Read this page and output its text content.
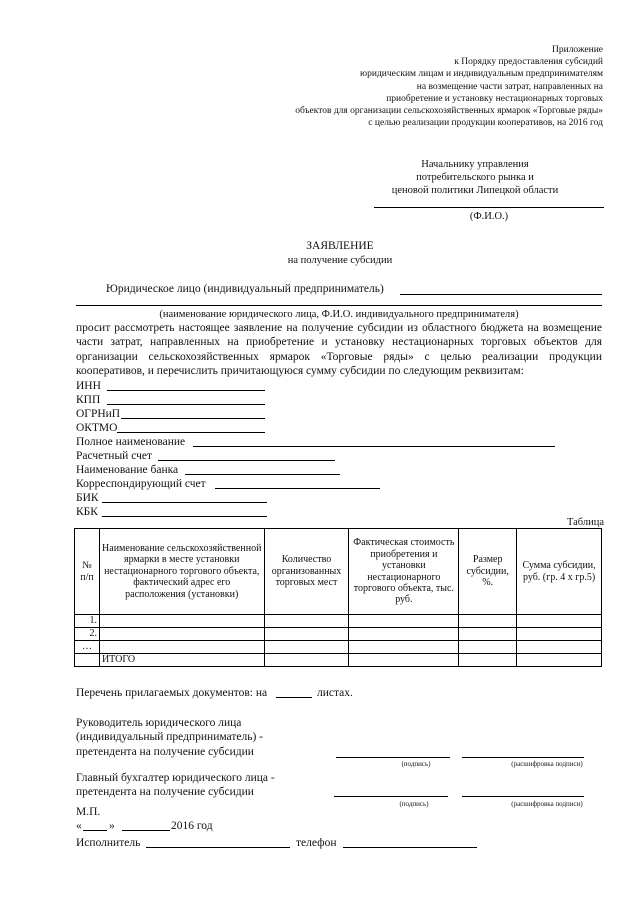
Приложение
к Порядку предоставления субсидий
юридическим лицам и индивидуальным предпринимателям
на возмещение части затрат, направленных на
приобретение и установку нестационарных торговых
объектов для организации сельскохозяйственных ярмарок «Торговые ряды»
с целью реализации продукции кооперативов, на 2016 год
Начальнику управления
потребительского рынка и
ценовой политики Липецкой области
(Ф.И.О.)
ЗАЯВЛЕНИЕ
на получение субсидии
Юридическое лицо (индивидуальный предприниматель)
(наименование юридического лица, Ф.И.О. индивидуального предпринимателя)
просит рассмотреть настоящее заявление на получение субсидии из областного бюджета на возмещение части затрат, направленных на приобретение и установку нестационарных торговых объектов для организации сельскохозяйственных ярмарок «Торговые ряды» с целью реализации продукции кооперативов, и перечислить причитающуюся сумму субсидии по следующим реквизитам:
ИНН
КПП
ОГРНиП
ОКТМО
Полное наименование
Расчетный счет
Наименование банка
Корреспондирующий счет
БИК
КБК
Таблица
№ п/п	Наименование сельскохозяйственной ярмарки в месте установки нестационарного торгового объекта, фактический адрес его расположения (установки)	Количество организованных торговых мест	Фактическая стоимость приобретения и установки нестационарного торгового объекта, тыс. руб.	Размер субсидии, %.	Сумма субсидии, руб. (гр. 4 х гр.5)
1.					
2.					
…					
	ИТОГО				
Перечень прилагаемых документов: на	листах.
Руководитель юридического лица
(индивидуальный предприниматель) -
претендента на получение субсидии
(подпись)	(расшифровка подписи)
Главный бухгалтер юридического лица -
претендента на получение субсидии
(подпись)	(расшифровка подписи)
М.П.
« »	2016 год
Исполнитель	телефон
